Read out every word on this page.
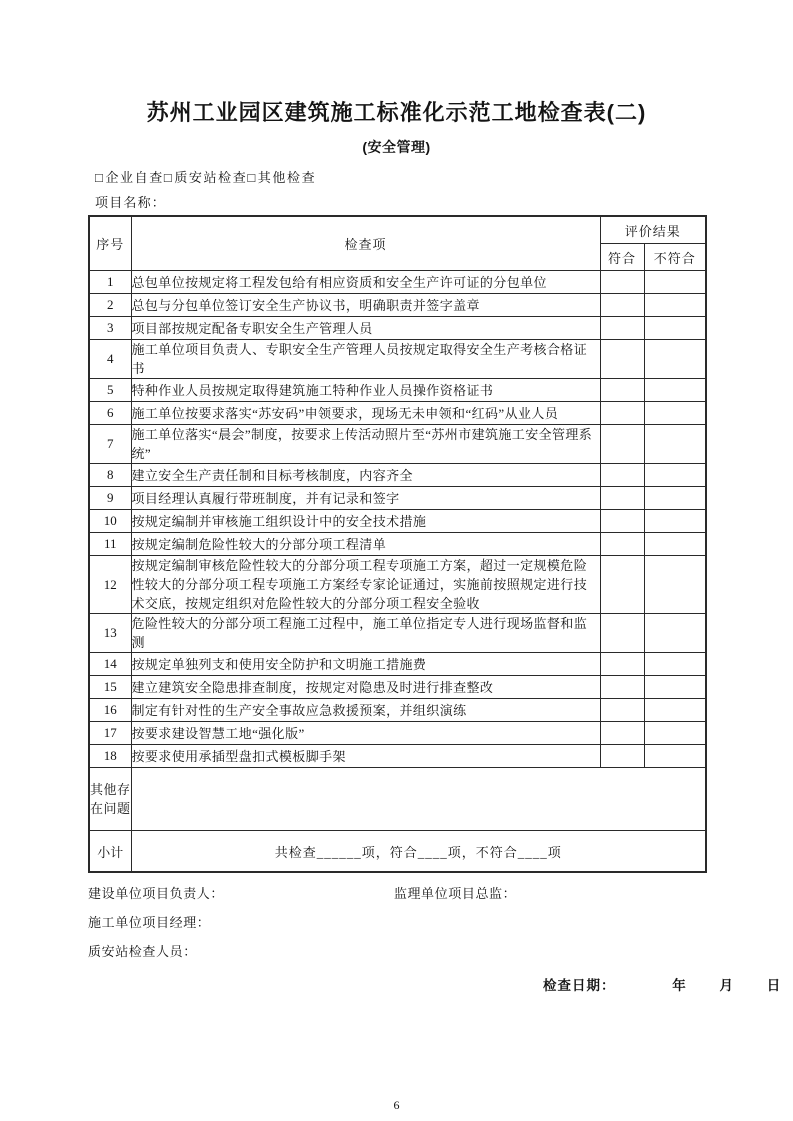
苏州工业园区建筑施工标准化示范工地检查表(二)
(安全管理)
□企业自查□质安站检查□其他检查
项目名称：
序号	检查项	评价结果	
		符合	不符合
1	总包单位按规定将工程发包给有相应资质和安全生产许可证的分包单位		
2	总包与分包单位签订安全生产协议书，明确职责并签字盖章		
3	项目部按规定配备专职安全生产管理人员		
4	施工单位项目负责人、专职安全生产管理人员按规定取得安全生产考核合格证书		
5	特种作业人员按规定取得建筑施工特种作业人员操作资格证书		
6	施工单位按要求落实“苏安码”申领要求，现场无未申领和“红码”从业人员		
7	施工单位落实“晨会”制度，按要求上传活动照片至“苏州市建筑施工安全管理系统”		
8	建立安全生产责任制和目标考核制度，内容齐全		
9	项目经理认真履行带班制度，并有记录和签字		
10	按规定编制并审核施工组织设计中的安全技术措施		
11	按规定编制危险性较大的分部分项工程清单		
12	按规定编制审核危险性较大的分部分项工程专项施工方案，超过一定规模危险性较大的分部分项工程专项施工方案经专家论证通过，实施前按照规定进行技术交底，按规定组织对危险性较大的分部分项工程安全验收		
13	危险性较大的分部分项工程施工过程中，施工单位指定专人进行现场监督和监测		
14	按规定单独列支和使用安全防护和文明施工措施费		
15	建立建筑安全隐患排查制度，按规定对隐患及时进行排查整改		
16	制定有针对性的生产安全事故应急救援预案，并组织演练		
17	按要求建设智慧工地“强化版”		
18	按要求使用承插型盘扣式模板脚手架		
其他存在问题			
小计	共检查______项，符合____项，不符合____项		
建设单位项目负责人：	监理单位项目总监：
施工单位项目经理：
质安站检查人员：
检查日期：	年 月 日
6
